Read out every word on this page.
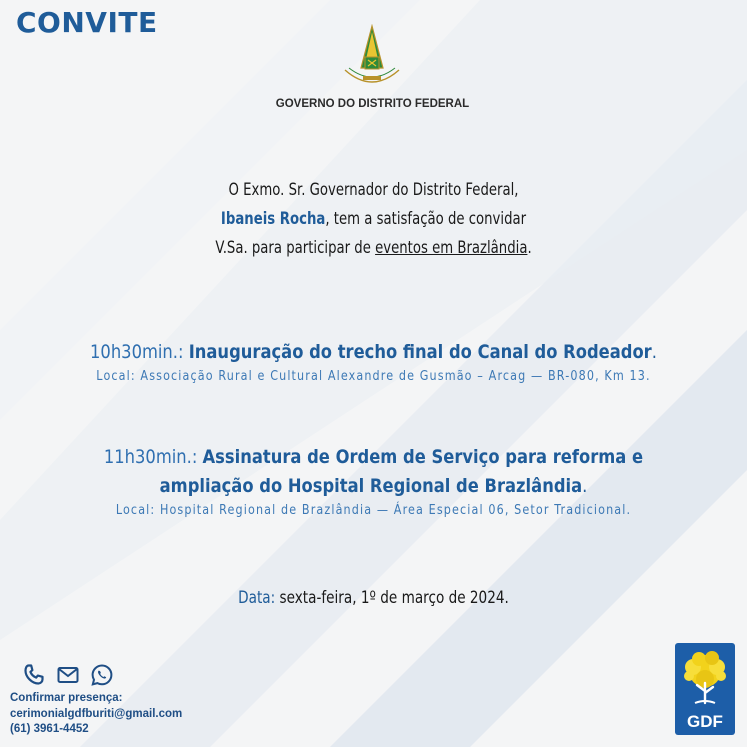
CONVITE
GOVERNO DO DISTRITO FEDERAL
O Exmo. Sr. Governador do Distrito Federal,
Ibaneis Rocha, tem a satisfação de convidar
V.Sa. para participar de eventos em Brazlândia.
10h30min.: Inauguração do trecho final do Canal do Rodeador.
Local: Associação Rural e Cultural Alexandre de Gusmão – Arcag — BR-080, Km 13.
11h30min.: Assinatura de Ordem de Serviço para reforma e
ampliação do Hospital Regional de Brazlândia.
Local: Hospital Regional de Brazlândia — Área Especial 06, Setor Tradicional.
Data: sexta-feira, 1º de março de 2024.
Confirmar presença:
cerimonialgdfburiti@gmail.com
(61) 3961-4452	GDF
